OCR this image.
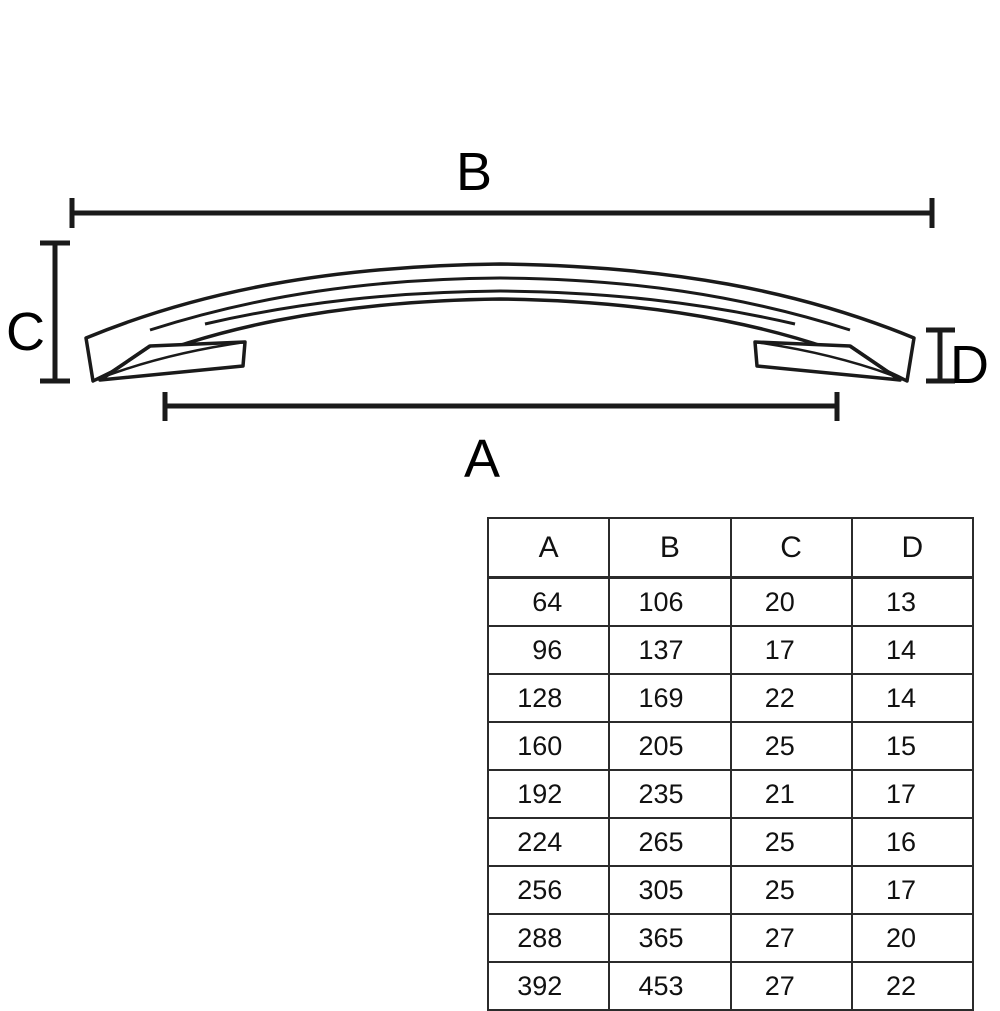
B
C
D
A
A	B	C	D
64	106	20	13
96	137	17	14
128	169	22	14
160	205	25	15
192	235	21	17
224	265	25	16
256	305	25	17
288	365	27	20
392	453	27	22
